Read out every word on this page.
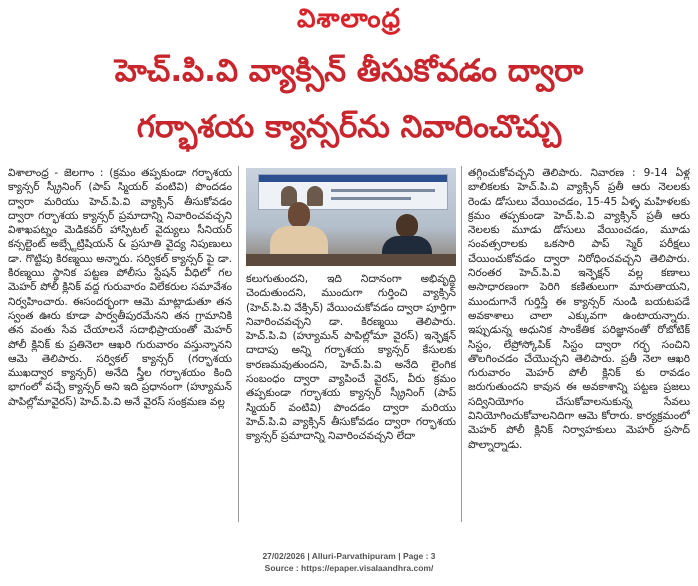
విశాలాంధ్ర
హెచ్.పి.వి వ్యాక్సిన్ తీసుకోవడం ద్వారా
గర్భాశయ క్యాన్సర్‌ను నివారించొచ్చు

విశాలాంధ్ర - జెలగాం : (క్రమం తప్పకుండా గర్భాశయ క్యాన్సర్ స్క్రీనింగ్ (పాప్ స్మియర్ వంటివి) పొందడం ద్వారా మరియు హెచ్.పి.వి వ్యాక్సిన్ తీసుకోవడం ద్వారా గర్భాశయ క్యాన్సర్ ప్రమాదాన్ని నివారించవచ్చని విశాఖపట్నం మెడికవర్ హాస్పిటల్ వైద్యులు సీనియర్ కన్సల్టెంట్ అబ్స్టేట్రిషియన్ & ప్రసూతి వైద్య నిపుణులు డా. గొట్టిపు కిరణ్మయి అన్నారు. సర్వికల్ క్యాన్సర్ పై డా. కిరణ్మయి స్థానిక పట్టణ పోలీసు స్టేషన్ వీధిలో గల మెహర్ పోలీ క్లినిక్ వద్ద గురువారం విలేకరుల సమావేశం నిర్వహించారు. ఈసందర్భంగా ఆమె మాట్లాడుతూ తన స్వంత ఊరు కూడా పార్వతీపురమేనని తన గ్రామానికి తన వంతు సేవ చేయాలనే సదాభిప్రాయంతో మెహర్ పోలీ క్లినిక్ కు ప్రతినెలా ఆఖరి గురువారం వస్తున్నానని ఆమె తెలిపారు. సర్వికల్ క్యాన్సర్ (గర్భాశయ ముఖద్వార క్యాన్సర్) అనేది స్త్రీల గర్భాశయం కింది భాగంలో వచ్చే క్యాన్సర్ అని ఇది ప్రధానంగా (హ్యూమన్ పాపిల్లోమావైరస్) హెచ్.పి.వి అనే వైరస్ సంక్రమణ వల్ల

కలుగుతుందని, ఇది నిదానంగా అభివృద్ధి చెందుతుందని, ముందుగా గుర్తించి వ్యాక్సిన్ (హెచ్.పి.వి వేక్సిన్) వేయించుకోవడం ద్వారా పూర్తిగా నివారించవచ్చని డా. కిరణ్మయి తెలిపారు. హెచ్.పి.వి (హ్యూమన్ పాపిల్లోమా వైరస్) ఇన్ఫెక్షన్ దాదాపు అన్ని గర్భాశయ క్యాన్సర్ కేసులకు కారణమవుతుందని, హెచ్.పి.వి అనేది లైంగిక సంబంధం ద్వారా వ్యాపించే వైరస్, వీరు క్రమం తప్పకుండా గర్భాశయ క్యాన్సర్ స్క్రీనింగ్ (పాప్ స్మియర్ వంటివి) పొందడం ద్వారా మరియు హెచ్.పి.వి వ్యాక్సిన్ తీసుకోవడం ద్వారా గర్భాశయ క్యాన్సర్ ప్రమాదాన్ని నివారించవచ్చని లేదా

తగ్గించుకోవచ్చని తెలిపారు. నివారణ : 9-14 ఏళ్ల బాలికలకు హెచ్.పి.వి వ్యాక్సిన్ ప్రతీ ఆరు నెలలకు రెండు డోసులు వేయించడం, 15-45 ఏళ్ళ మహిళలకు క్రమం తప్పకుండా హెచ్.పి.వి వ్యాక్సిన్ ప్రతీ ఆరు నెలలకు మూడు డోసులు వేయించడం, మూడు సంవత్సరాలకు ఒకసారి పాప్ స్మెర్ పరీక్షలు చేయించుకోవడం ద్వారా నిరోధించవచ్చని తెలిపారు. నిరంతర హెచ్.పి.వి ఇన్ఫెక్షన్ వల్ల కణాలు అసాధారణంగా పెరిగి కణితులుగా మారుతాయని, ముందుగానే గుర్తిస్తే ఈ క్యాన్సర్ నుండి బయటపడే అవకాశాలు చాలా ఎక్కువగా ఉంటాయన్నారు. ఇప్పుడున్న అధునిక సాంకేతిక పరిజ్ఞానంతో రోబోటిక్ సిస్టం, లేప్రోస్కోపిక్ సిస్టం ద్వారా గర్భ సంచిని తొలగించడం చేయొచ్చని తెలిపారు. ప్రతీ నెలా ఆఖరి గురువారం మెహర్ పోలీ క్లినిక్ కు రావడం జరుగుతుందని కావున ఈ అవకాశాన్ని పట్టణ ప్రజలు సద్వినియోగం చేసుకోవాలనుకున్న సేవలు వినియోగించుకోవాలనిదిగా ఆమె కోరారు. కార్యక్రమంలో మెహర్ పోలీ క్లినిక్ నిర్వాహకులు మెహర్ ప్రసాద్ పొల్నార్నాడు.

27/02/2026 | Alluri-Parvathipuram | Page : 3
Source : https://epaper.visalaandhra.com/
